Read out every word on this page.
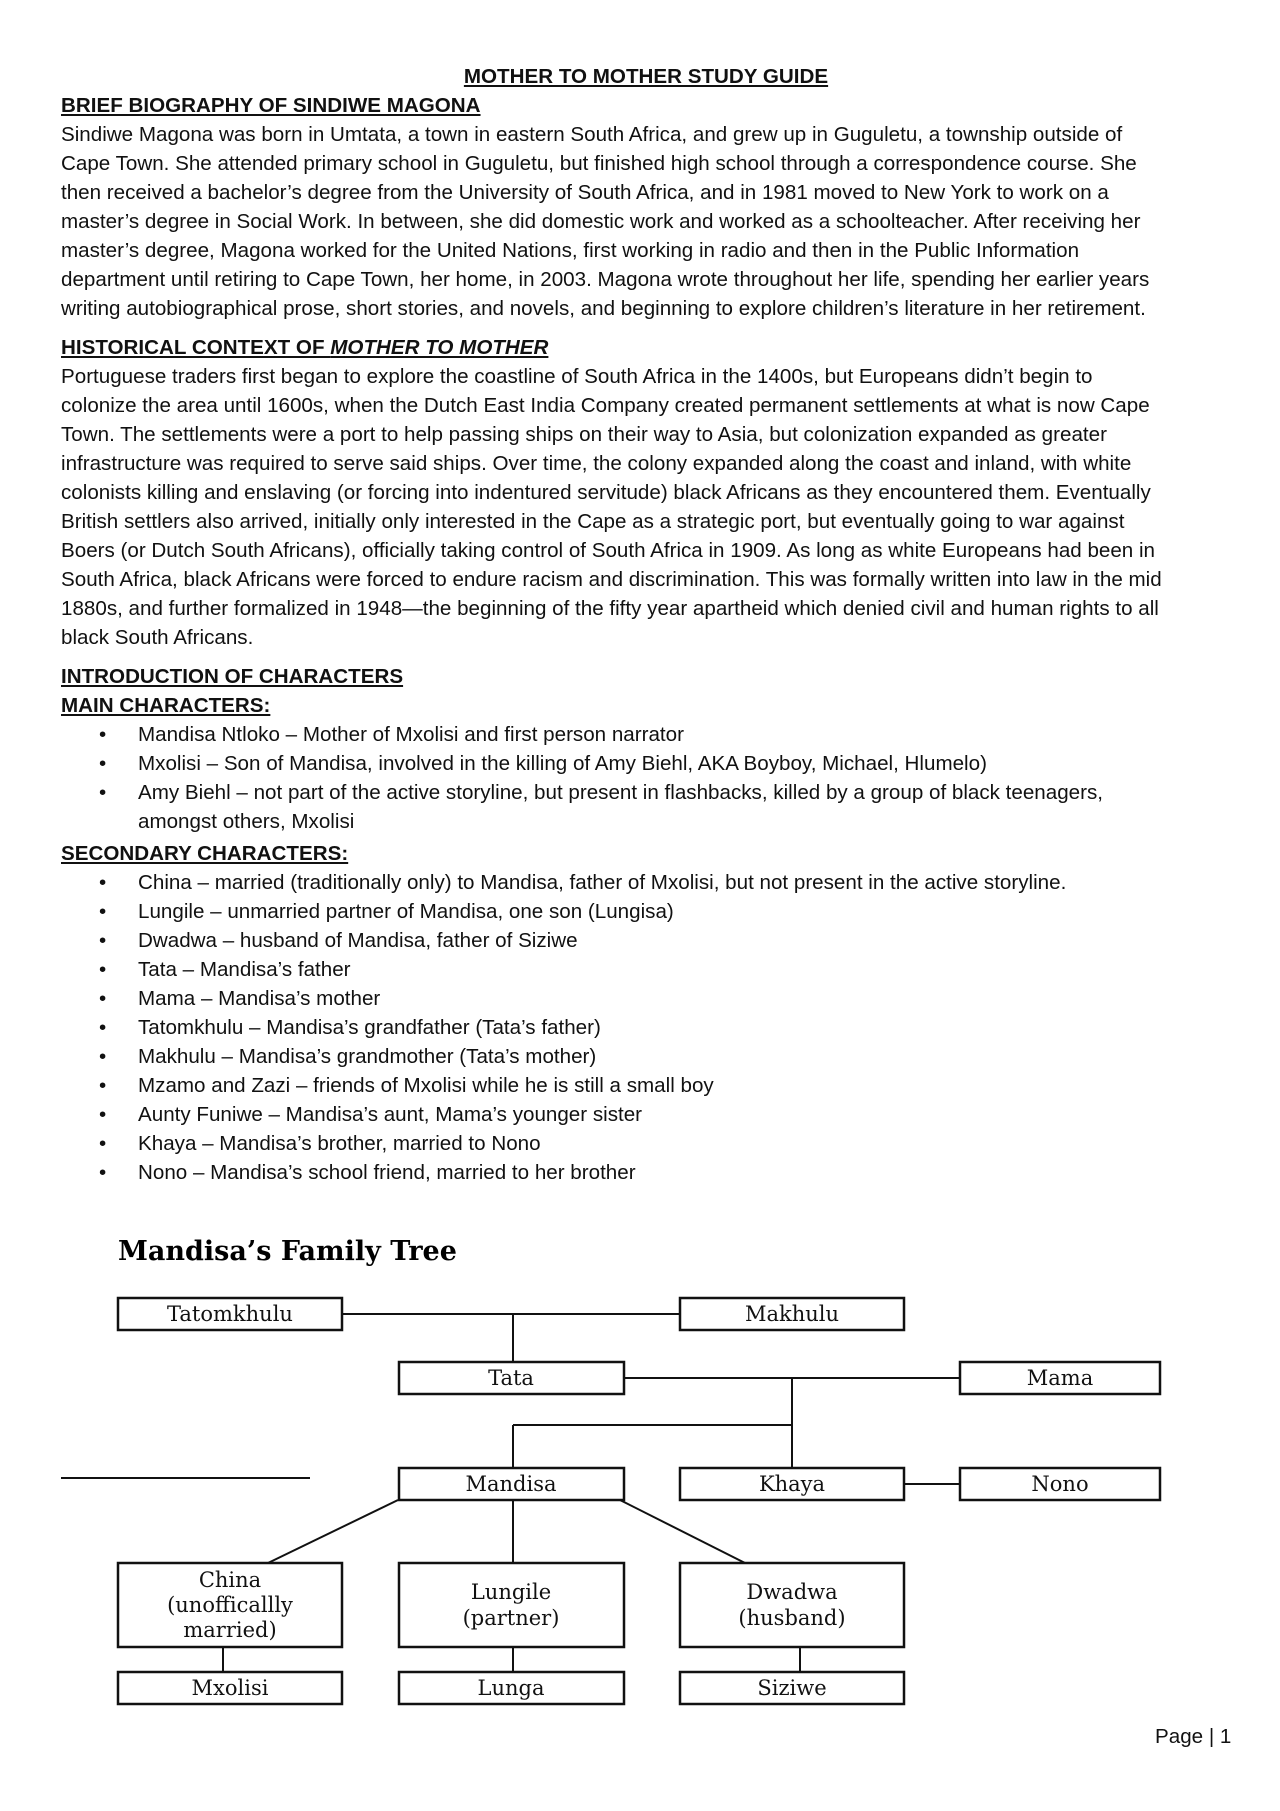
MOTHER TO MOTHER STUDY GUIDE

BRIEF BIOGRAPHY OF SINDIWE MAGONA

Sindiwe Magona was born in Umtata, a town in eastern South Africa, and grew up in Guguletu, a township outside of
Cape Town. She attended primary school in Guguletu, but finished high school through a correspondence course. She
then received a bachelor’s degree from the University of South Africa, and in 1981 moved to New York to work on a
master’s degree in Social Work. In between, she did domestic work and worked as a schoolteacher. After receiving her
master’s degree, Magona worked for the United Nations, first working in radio and then in the Public Information
department until retiring to Cape Town, her home, in 2003. Magona wrote throughout her life, spending her earlier years
writing autobiographical prose, short stories, and novels, and beginning to explore children’s literature in her retirement.

HISTORICAL CONTEXT OF MOTHER TO MOTHER

Portuguese traders first began to explore the coastline of South Africa in the 1400s, but Europeans didn’t begin to
colonize the area until 1600s, when the Dutch East India Company created permanent settlements at what is now Cape
Town. The settlements were a port to help passing ships on their way to Asia, but colonization expanded as greater
infrastructure was required to serve said ships. Over time, the colony expanded along the coast and inland, with white
colonists killing and enslaving (or forcing into indentured servitude) black Africans as they encountered them. Eventually
British settlers also arrived, initially only interested in the Cape as a strategic port, but eventually going to war against
Boers (or Dutch South Africans), officially taking control of South Africa in 1909. As long as white Europeans had been in
South Africa, black Africans were forced to endure racism and discrimination. This was formally written into law in the mid
1880s, and further formalized in 1948—the beginning of the fifty year apartheid which denied civil and human rights to all
black South Africans.

INTRODUCTION OF CHARACTERS

MAIN CHARACTERS:

• Mandisa Ntloko – Mother of Mxolisi and first person narrator
• Mxolisi – Son of Mandisa, involved in the killing of Amy Biehl, AKA Boyboy, Michael, Hlumelo)
• Amy Biehl – not part of the active storyline, but present in flashbacks, killed by a group of black teenagers,
amongst others, Mxolisi

SECONDARY CHARACTERS:

• China – married (traditionally only) to Mandisa, father of Mxolisi, but not present in the active storyline.
• Lungile – unmarried partner of Mandisa, one son (Lungisa)
• Dwadwa – husband of Mandisa, father of Siziwe
• Tata – Mandisa’s father
• Mama – Mandisa’s mother
• Tatomkhulu – Mandisa’s grandfather (Tata’s father)
• Makhulu – Mandisa’s grandmother (Tata’s mother)
• Mzamo and Zazi – friends of Mxolisi while he is still a small boy
• Aunty Funiwe – Mandisa’s aunt, Mama’s younger sister
• Khaya – Mandisa’s brother, married to Nono
• Nono – Mandisa’s school friend, married to her brother
Mandisa’s Family Tree
Tatomkhulu	Makhulu
Tata	Mama
Mandisa	Khaya	Nono
China
(unofficallly
married)
Lungile
(partner)
Dwadwa
(husband)
Mxolisi	Lunga	Siziwe
Page | 1
